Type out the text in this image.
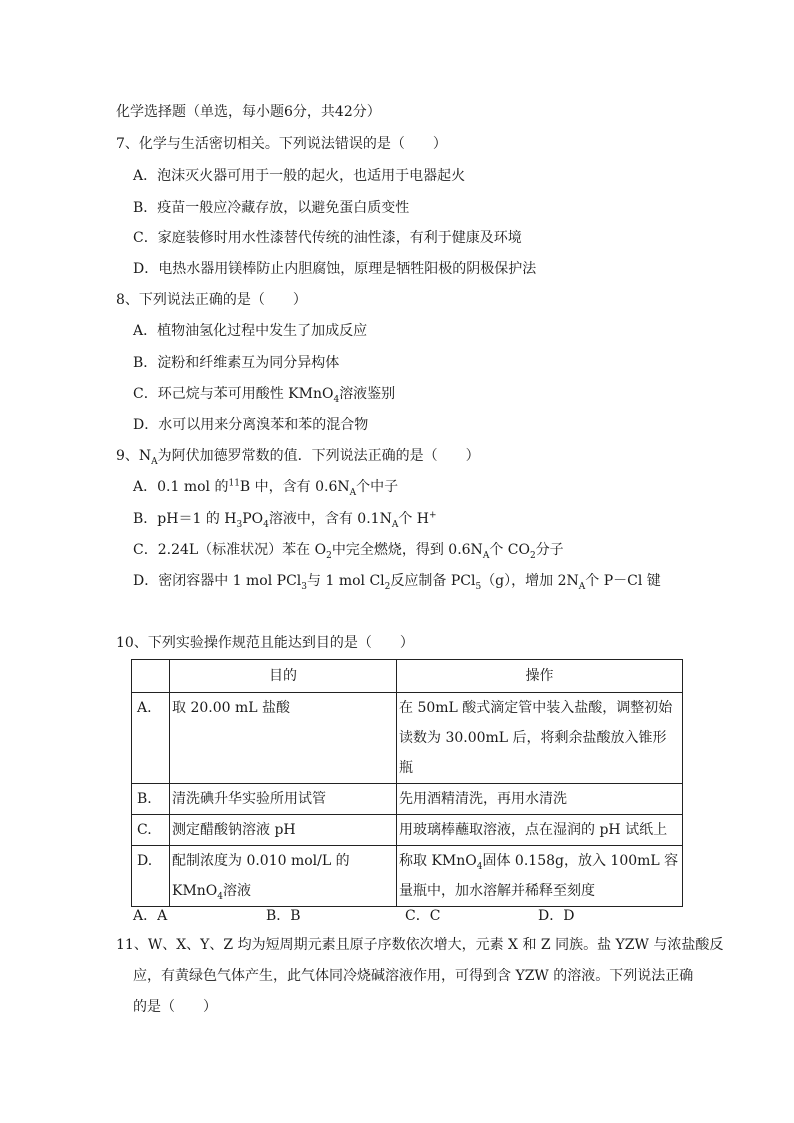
化学选择题（单选，每小题6分，共42分）
7、化学与生活密切相关。下列说法错误的是（　　）
A．泡沫灭火器可用于一般的起火，也适用于电器起火
B．疫苗一般应冷藏存放，以避免蛋白质变性
C．家庭装修时用水性漆替代传统的油性漆，有利于健康及环境
D．电热水器用镁棒防止内胆腐蚀，原理是牺牲阳极的阴极保护法
8、下列说法正确的是（　　）
A．植物油氢化过程中发生了加成反应
B．淀粉和纤维素互为同分异构体
C．环己烷与苯可用酸性 KMnO$_4$溶液鉴别
D．水可以用来分离溴苯和苯的混合物
9、$N_A$为阿伏加德罗常数的值．下列说法正确的是（　　）
A．0.1 mol 的$^{11}$B 中，含有 $0.6N_A$个中子
B．pH＝1 的 $H_3PO_4$溶液中，含有 $0.1N_A$个 H+
C．2.24L（标准状况）苯在 $O_2$中完全燃烧，得到 $0.6N_A$个 $CO_2$分子
D．密闭容器中 1 mol PCl$_3$与 1 mol $Cl_2$反应制备 PCl$_5$（g），增加 $2N_A$个 P－Cl 键
10、下列实验操作规范且能达到目的是（　　）
	目的	操作
A.	取 20.00 mL 盐酸	在 50mL 酸式滴定管中装入盐酸，调整初始读数为 30.00mL 后，将剩余盐酸放入锥形瓶
B.	清洗碘升华实验所用试管	先用酒精清洗，再用水清洗
C.	测定醋酸钠溶液 pH	用玻璃棒蘸取溶液，点在湿润的 pH 试纸上
D.	配制浓度为 0.010 mol/L 的 KMnO$_4$溶液	称取 KMnO$_4$固体 0.158g，放入 100mL 容量瓶中，加水溶解并稀释至刻度
A．A	B．B	C．C	D．D
11、W、X、Y、Z 均为短周期元素且原子序数依次增大，元素 X 和 Z 同族。盐 YZW 与浓盐酸反
应，有黄绿色气体产生，此气体同冷烧碱溶液作用，可得到含 YZW 的溶液。下列说法正确
的是（　　）
